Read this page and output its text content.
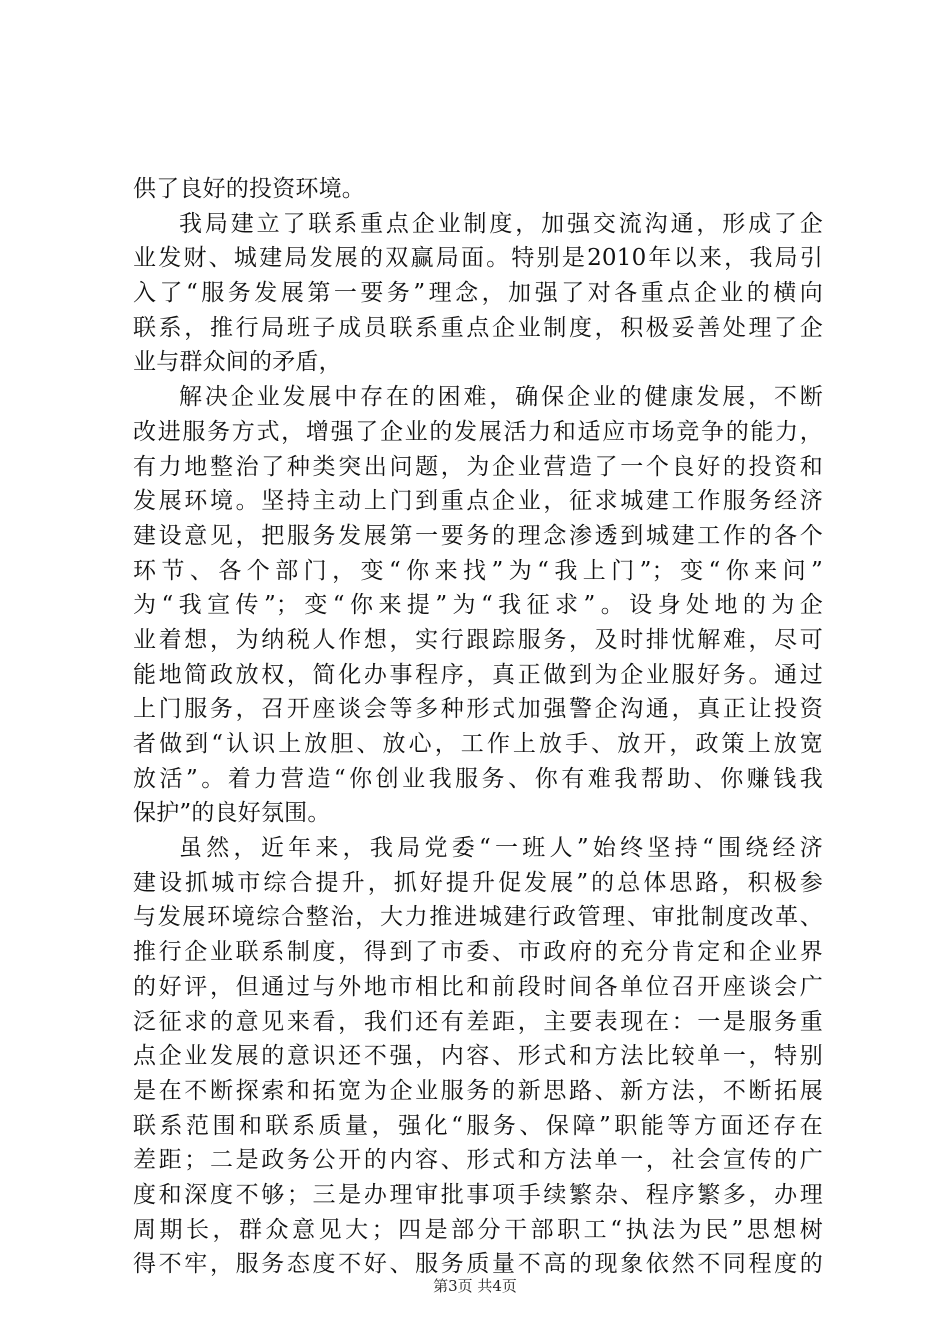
供了良好的投资环境。
我局建立了联系重点企业制度，加强交流沟通，形成了企
业发财、城建局发展的双赢局面。特别是2010年以来，我局引
入了“服务发展第一要务”理念，加强了对各重点企业的横向
联系，推行局班子成员联系重点企业制度，积极妥善处理了企
业与群众间的矛盾，
解决企业发展中存在的困难，确保企业的健康发展，不断
改进服务方式，增强了企业的发展活力和适应市场竞争的能力，
有力地整治了种类突出问题，为企业营造了一个良好的投资和
发展环境。坚持主动上门到重点企业，征求城建工作服务经济
建设意见，把服务发展第一要务的理念渗透到城建工作的各个
环节、各个部门，变“你来找”为“我上门”；变“你来问”
为“我宣传”；变“你来提”为“我征求”。设身处地的为企
业着想，为纳税人作想，实行跟踪服务，及时排忧解难，尽可
能地简政放权，简化办事程序，真正做到为企业服好务。通过
上门服务，召开座谈会等多种形式加强警企沟通，真正让投资
者做到“认识上放胆、放心，工作上放手、放开，政策上放宽
放活”。着力营造“你创业我服务、你有难我帮助、你赚钱我
保护”的良好氛围。
虽然，近年来，我局党委“一班人”始终坚持“围绕经济
建设抓城市综合提升，抓好提升促发展”的总体思路，积极参
与发展环境综合整治，大力推进城建行政管理、审批制度改革、
推行企业联系制度，得到了市委、市政府的充分肯定和企业界
的好评，但通过与外地市相比和前段时间各单位召开座谈会广
泛征求的意见来看，我们还有差距，主要表现在：一是服务重
点企业发展的意识还不强，内容、形式和方法比较单一，特别
是在不断探索和拓宽为企业服务的新思路、新方法，不断拓展
联系范围和联系质量，强化“服务、保障”职能等方面还存在
差距；二是政务公开的内容、形式和方法单一，社会宣传的广
度和深度不够；三是办理审批事项手续繁杂、程序繁多，办理
周期长，群众意见大；四是部分干部职工“执法为民”思想树
得不牢，服务态度不好、服务质量不高的现象依然不同程度的
第3页 共4页
